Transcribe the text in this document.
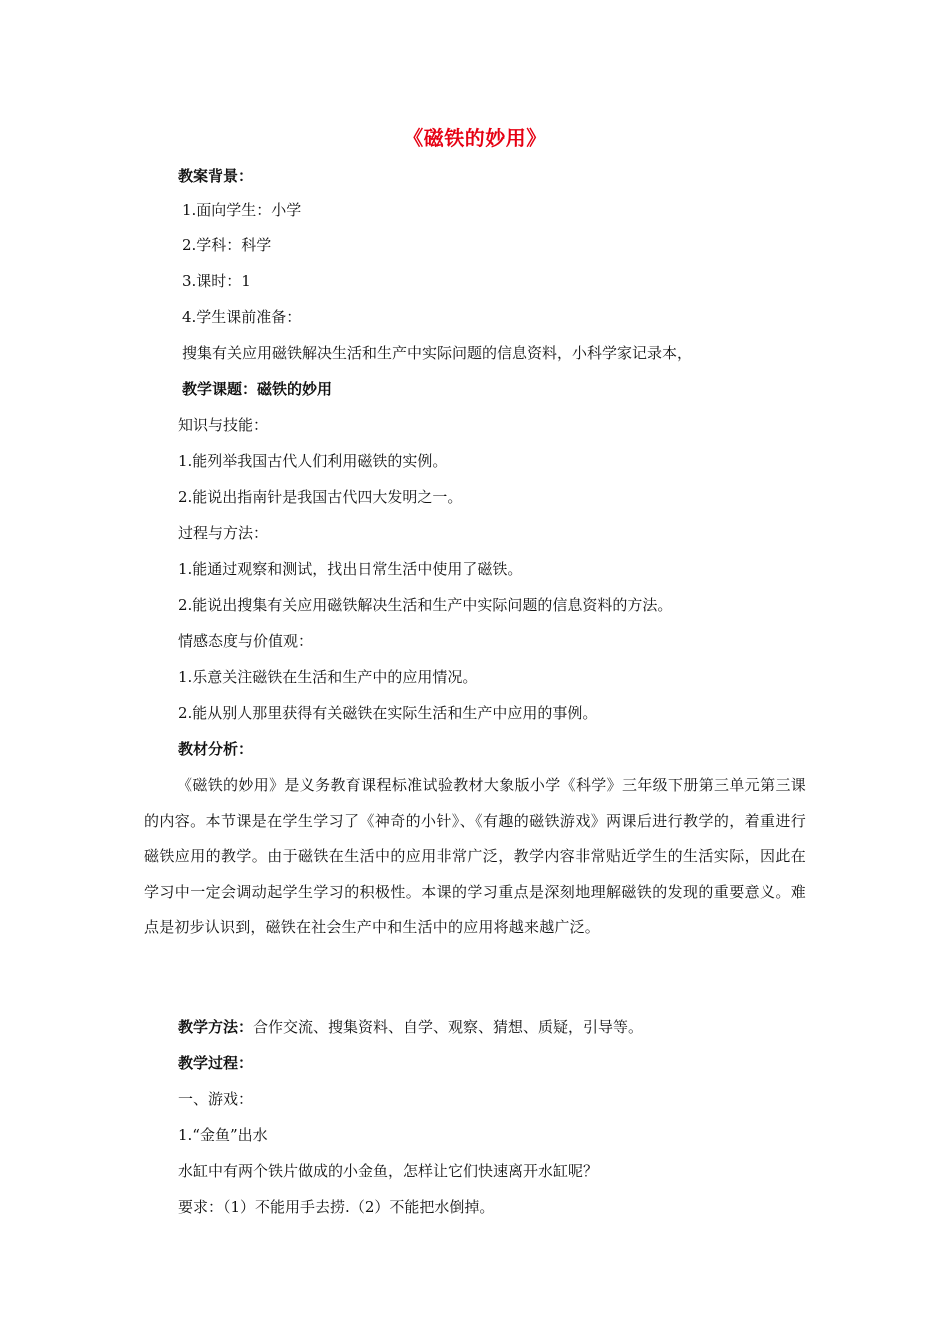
《磁铁的妙用》
教案背景：
1.面向学生：小学
2.学科：科学
3.课时：1
4.学生课前准备：
搜集有关应用磁铁解决生活和生产中实际问题的信息资料，小科学家记录本，
教学课题：磁铁的妙用
知识与技能：
1.能列举我国古代人们利用磁铁的实例。
2.能说出指南针是我国古代四大发明之一。
过程与方法：
1.能通过观察和测试，找出日常生活中使用了磁铁。
2.能说出搜集有关应用磁铁解决生活和生产中实际问题的信息资料的方法。
情感态度与价值观：
1.乐意关注磁铁在生活和生产中的应用情况。
2.能从别人那里获得有关磁铁在实际生活和生产中应用的事例。
教材分析：
《磁铁的妙用》是义务教育课程标准试验教材大象版小学《科学》三年级下册第三单元第三课的内容。本节课是在学生学习了《神奇的小针》、《有趣的磁铁游戏》两课后进行教学的，着重进行磁铁应用的教学。由于磁铁在生活中的应用非常广泛，教学内容非常贴近学生的生活实际，因此在学习中一定会调动起学生学习的积极性。本课的学习重点是深刻地理解磁铁的发现的重要意义。难点是初步认识到，磁铁在社会生产中和生活中的应用将越来越广泛。
教学方法：合作交流、搜集资料、自学、观察、猜想、质疑，引导等。
教学过程：
一、游戏：
1.“金鱼”出水
水缸中有两个铁片做成的小金鱼，怎样让它们快速离开水缸呢？
要求：（1）不能用手去捞.（2）不能把水倒掉。
